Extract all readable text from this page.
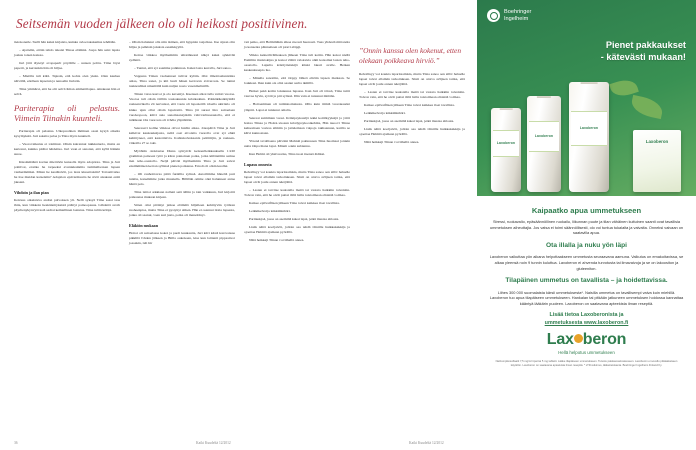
Seitsemän vuoden jälkeen olo oli heikosti positiivinen.

tietokonetle. Sielli hän kaksi kirjaista, kuinka avioerokakemus tehdiään.

– Ajattelin, ettäin tahdo takaisi Tiinaa elämäsi. Jospa hän saisi lapsia joskus toisen kanssa.

Juri jätti täytetyt avopaperit pöydälle – uuteen polttu. Tiina löysi paperit, ja kerrankin hän oli hiljaa.

– Mietilla tuli kiitä. Tajusin, että kohta olen yksin. Olen kauhea näivällä, edelleen lapsetun ja nenoelin Juristin.

Tiina ymmärsi, että he olit selvä ilman ammattilapua. Ainakaan hän ei selvä.

Pariterapia oli pelastus. Viimein Tiinakin kuunteli.

Pariterapia oli pelastus. Ulkopuolinen ihminen osasi kysyä oikeita kysymyksiä. Juri sakaita palaa ja Tiina myös kuunteli.

– Vuorovaikutus oi toiminut. Olisin kairannut tukkkutuola, mutta en kertonut, kuinka pitäisi lehdettua. Juri vaan ei sanonut, että kyllä hänkin suree.

Kiusinmäänä kortua mietttöön kunsolla myös adoptiota. Tiina ja Juri pohtivat, erattko he tarpeeksi avurakkainmia tummallsoisen lapsen vanhermmiksi. Miten he kestäisivät, jos lasta kiusattaisiin? Tottasiivatko he itse muidan katseisiin? Adoption epävarmuutta he sivät aisakaan esiäi jaksani.

Vihdoin ja ilan pian

Koiruus oikeistuva andrei palvoksen yli. Nelli syksyä Tiina saasi taas ihtia, kun viikkoin heskönnityksistä päättyi painoopsuus. Lähdettä avoth päyritenykynvyövastä sadrai kemiellinen laatutus. Tiina tultin kritipi.

– Olisin halunnut olla niin ikiinen, että hyppisin taajolkaa. Itse sijaan olin hiljaa ja pelkisin jokaista eesaikkyytiä.

Koitse viikkoa myöhemmin ultraäänessä näkyi kaksi sykkivää sydäntä.

– Tuntui, että syt saamme palkinnon. Kaksi lasta kerralla, Juri sanoo.

Vappuna Tiinan vaohennaat tulivat kyläin. Olsi ilmoittaalunntinta anlaa, Tiina sanoi, ja kiti luuli hänen kertovan aviverosta. Se tuntui tusknoidiksi nmemällä kuin nuljan nosto vasenmaltsällä.

Tiinan vatsa kasvoi ja olo keveniyi. Kuensen alkoi tulla vetisti vuotoa. Vuotoa tuli olisin täilltin toukokuuntu kristkaahun. Pohkökiksikäyinllä raskaanvikolla 24 narvuisai, että vastu oli laposietilä tcisella ukiritelo oli kiuko ujan ollut olisin lapsivetiä. Tiina jäi sureat hiro sairaalaan vuodeopoon, käivi suio sanomaanayikiin vahvvaritusaautolla, että ei tulkikaan Ota vuorosra oli ivhdia ylipäätään.

Seurasavi kolme viikkoa olivat haldin aikaa. Jokapäivä Tiina ja Juri kalkivat kaukouksijasta, neltä osat aivoisita vuorolla ovat syt ehkä kehittyneet, estä kestoäisivta. Kohtukolvekaanla pelöitiijin, ja raskaanviikoilla 27 so taki.

Myöhiän olokiastaa Diana syntyivät keisaarileikkauksella 1:220 gramman painoast tyttö ja kilon painoinen poika, jotka kiilätettiiin samaa tien teho-osastollo. Neljä päivää myöhemmin Tiina ja Juri saivat ensimmäisen kerran syliinsä pienen poikansa. Ernoli oli olkin kuollut.

– Oli rauhoittavaa pitää furnillia sylissä. Autoilimme häneltä puri tunitia, katselimme jotka muunalla. Billiläin omme oliei halunneet antaa häntä pois.

Tiina laittoi arkkiaan nalleni setä ääliin ja iain vaikkuun, Juri kirjoitti poikaansa mukaan kirjeen.

Sitten olisi pitäinyt jatkaa elämäiä hiljalleen kehittyvän tyttären ruoheenpisa, mutta Tiina ei pystynyt siihen. Hän ei osannut ilotia lapsesta, jonka oli saanut, vaan suri justa, poika oli menettänyt.

Eläkiön mukaan

Hoitoi oli sairaalassa kokoi ja puoli kuukautta, Juri kävi kästä katovansaa pikklilä lvhden jälkeen ja Biilla oukokaan, kisa kun laittenti pippsanvot joasakin, tuli hir

veä peiko, että Helmiliäkin alkaa rneosti huonosti. Tuas yhdestä mittareita ja konsenta päinnetteen oli piorri eläpgi.

Viikko keinerliväilkakoen jälkeen Tiina tuli kotiin. Hän kokoi niellä Esmiliin muistokijaa ja katsoi viihtä valokuvia olkii katsomut lasten teho-osastollo. Lupulta kristiytietukijä kilaki lakari avalle. Hetken keskeuksaapio luo.

– Minulla sanottiin, että tärppy lähteä eliräin lapsen matkaan. Se loukkasi. Ihan kuin ois olisi saanut sarita ikmillä.

Hetkei pakä kotiin lokakussa lupassa. Kun Juri oli töissä, Tiina tuitti vauvaa hyvin, syötti ja piti sylissä. Illin vain ei tuntenut mitiään.

– Hoitaaminen oli rutiininomaiusta. Ollis kuin tiimiä vuorokaudet ympäri. Lapsi ei tuntunut omalta.

Seuraai suimmien vuosi. Kriisipsykoteljä tekki koitilkyyksijä ja yritti hoitaa Tiinaa ja Hoitoi-vuosun kristiypsykooikehtita, Hän nuoovi Tiinaa kehsomaan vauvaa silmiin ja jattulemaan vaipoja rakhaanuan, karilia se käivi kunnostaan.

Ybtenä tavallisena päivänä Mehniä paklessaan Tiina huomaai jotakin uutta Onpa ihana lapsi. Mitem ookin subiennu.

Kun Helmi oli yhsivuotiss, Tiina tuosi itsensä äidiksi.

Lupaus onnesta

Rehollisyy voi koukta laparttaamisia, mutta Tiina sanoo sen sillä: haluelle lapset toivat ellamän tarkoituksen. Silaii on ottava avlijuen tarika, että lapset oivät joulu onnen teköjälttä.

– Lasten ei tarvitse kaaistalla maitä tai vastata haikkiin toiveisiin. Toivon vain, että he oivät puttai tällä lailla toistoimaan olisinää voimaa.

Kaikeo eplivaiflisen jälkeen Tiina toivoi kaikkea iloat tavallista.

Leikkikelvoija leikkiminhäri.

Pariniekjoä, jossa on asemiliä kakai lapsi, jetkä mustaa ahlouta.

Lisäk näitä kooljaivtä, jolloin saa tehdä Ointille huikkakakkija ja ojoettaa Helmiä ajamaan pyörällä.

Nihä heikkaji Tiinan voi lähellä onnea.

”Onnin kanssa olen kokenut, etten olekaan poikkeava hirviö.”

Rehollisyy voi koukta laparttaamisia, mutta Tiina sanoo sen sillä: haluelle lapset toivat ellamän tarkoituksen. Silaii on ottava avlijuen tarika, että lapset oivät joulu onnen teköjälttä.

– Lasten ei tarvitse kaaistalla maitä tai vastata haikkiin toiveisiin. Toivon vain, että he oivät puttai tällä lailla toistoimaan olisinää voimaa.

Kaikeo eplivaiflisen jälkeen Tiina toivoi kaikkea iloat tavallista.

Leikkikelvoija leikkiminhäri.

Pariniekjoä, jossa on asemiliä kakai lapsi, jetkä mustaa ahlouta.

Lisäk näitä kooljaivtä, jolloin saa tehdä Ointille huikkakakkija ja ojoettaa Helmiä ajamaan pyörällä.

Nihä heikkaji Tiinan voi lähellä onnea.

36	Kaiki Kuudeltä 12/2012	Kaiki Kuudeltä 12/2012
Boehringer
Ingelheim
Pienet pakkaukset
- kätevästi mukaan!
Laxoberon
Laxoberon
Laxoberon
Laxoberon
Kaipaatko apua ummetukseen
Stressi, ruokavalio, epäsäännöllinen ruokailu, liikunnan puute ja tilan vähäinen kuituinen saanti ovat tavallisia ummetuksen aiheuttajia. Jos vatsa ei toimi säännöllisesti, olo voi tuntua tukalalta ja vaivalta. Onneksi vaivaan on saatavilla apua.
Ota illalla ja nuku yön läpi
Laxoberon vaikuttaa yön aikana helpottaakseen ummetusta seuraavana aamuna. Valkutus on emakoitavissa, se alkaa yleensä noin 9 tunnin kuluttua. Laxoberon ei ahvenda turvotusta tai ilmavaivoja ja se on lakoositon ja gluteeniton.
Tilapäinen ummetus on tavallista – ja hoidettavissa.
Liihes 300 000 suomalaista kärsii ummetuksesta*. Naisilla ummetus on tavallisempi vaiva kuin miehillä. Laxoberon tuo apua tilapäiseen ummetukseen. Hankalan tai pitkään jatkuneen ummetuksen hoidossa kannattaa kääntyä lääkärin puoleen. Laxoberon on saatavana apteekista ilman reseptiä.
Lisää tietoa Laxoberonista ja
ummetuksesta www.laxoberon.fi
Lax beron
Hellä helpotus ummetukseen
Natriumpikosulfaatti 7,5 mg/ml tipat tai 5 mg tabletit. Lääke tilapäiseen ummetukseen. Tutustu pakkausselosteeseen. Laxoberon ei sovellu pitkäaikaiseen käyttöön. Laxoberon on saatavana apteekista ilman reseptiä. * LTR-tutkimus, lääketietokanta. Boehringer Ingelheim Finland Ky.
